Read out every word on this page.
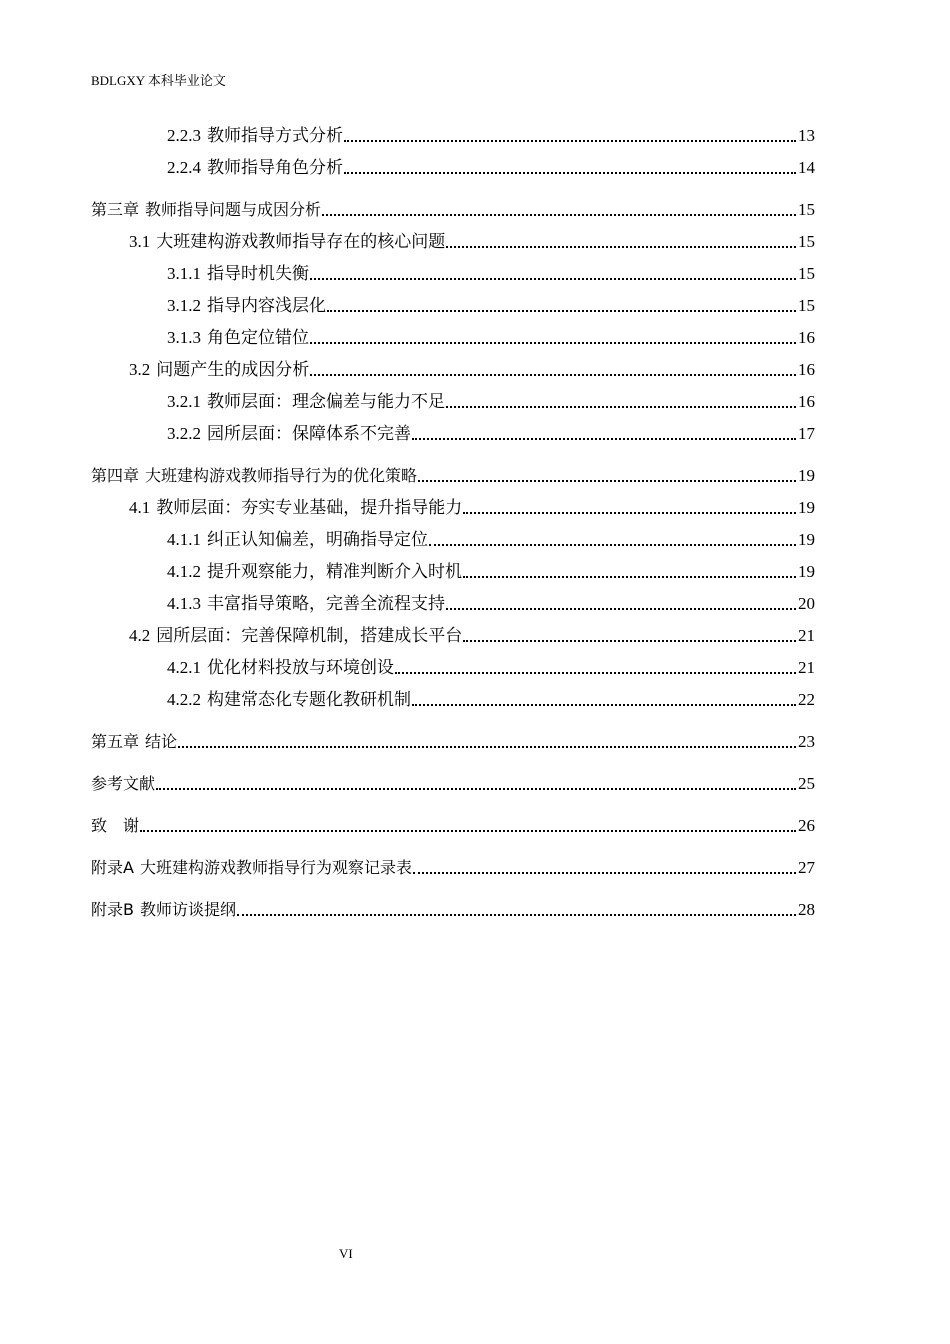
BDLGXY 本科毕业论文
2.2.3 教师指导方式分析	13
2.2.4 教师指导角色分析	14
第三章 教师指导问题与成因分析	15
3.1 大班建构游戏教师指导存在的核心问题	15
3.1.1 指导时机失衡	15
3.1.2 指导内容浅层化	15
3.1.3 角色定位错位	16
3.2 问题产生的成因分析	16
3.2.1 教师层面：理念偏差与能力不足	16
3.2.2 园所层面：保障体系不完善	17
第四章 大班建构游戏教师指导行为的优化策略	19
4.1 教师层面：夯实专业基础，提升指导能力	19
4.1.1 纠正认知偏差，明确指导定位	19
4.1.2 提升观察能力，精准判断介入时机	19
4.1.3 丰富指导策略，完善全流程支持	20
4.2 园所层面：完善保障机制，搭建成长平台	21
4.2.1 优化材料投放与环境创设	21
4.2.2 构建常态化专题化教研机制	22
第五章 结论	23
参考文献	25
致　谢	26
附录A 大班建构游戏教师指导行为观察记录表	27
附录B 教师访谈提纲	28
VI
